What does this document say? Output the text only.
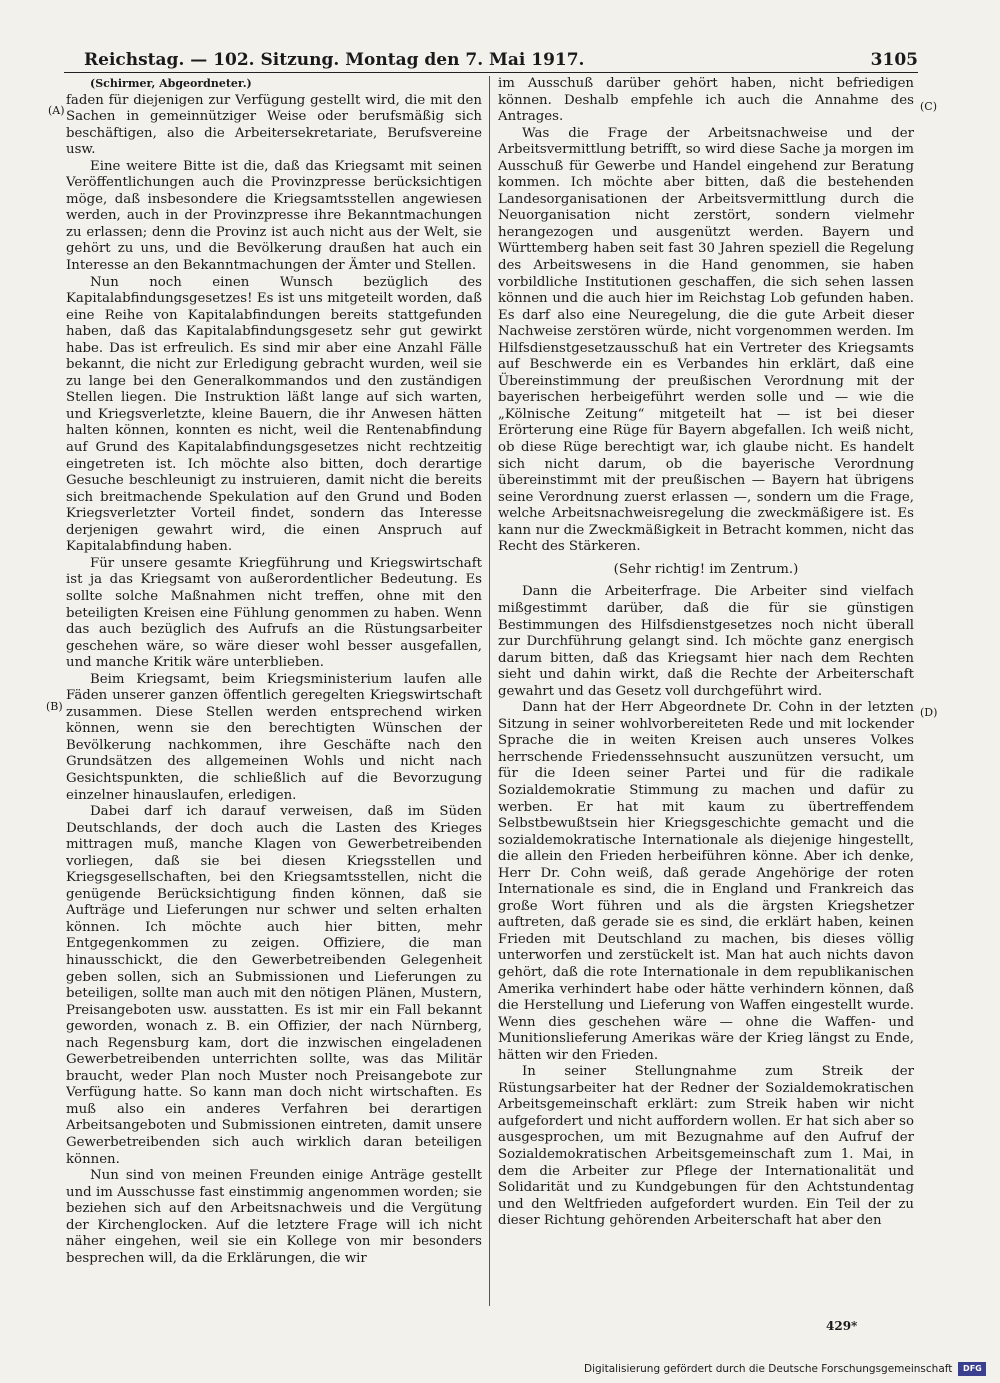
Reichstag. — 102. Sitzung. Montag den 7. Mai 1917.	3105
(A)
(B)
(C)
(D)

(Schirmer, Abgeordneter.)

faden für diejenigen zur Verfügung gestellt wird, die mit den Sachen in gemeinnütziger Weise oder berufsmäßig sich beschäftigen, also die Arbeitersekretariate, Berufsvereine usw.

Eine weitere Bitte ist die, daß das Kriegsamt mit seinen Veröffentlichungen auch die Provinzpresse berücksichtigen möge, daß insbesondere die Kriegsamtsstellen angewiesen werden, auch in der Provinzpresse ihre Bekanntmachungen zu erlassen; denn die Provinz ist auch nicht aus der Welt, sie gehört zu uns, und die Bevölkerung draußen hat auch ein Interesse an den Bekanntmachungen der Ämter und Stellen.

Nun noch einen Wunsch bezüglich des Kapitalabfindungsgesetzes! Es ist uns mitgeteilt worden, daß eine Reihe von Kapitalabfindungen bereits stattgefunden haben, daß das Kapitalabfindungsgesetz sehr gut gewirkt habe. Das ist erfreulich. Es sind mir aber eine Anzahl Fälle bekannt, die nicht zur Erledigung gebracht wurden, weil sie zu lange bei den Generalkommandos und den zuständigen Stellen liegen. Die Instruktion läßt lange auf sich warten, und Kriegsverletzte, kleine Bauern, die ihr Anwesen hätten halten können, konnten es nicht, weil die Rentenabfindung auf Grund des Kapitalabfindungsgesetzes nicht rechtzeitig eingetreten ist. Ich möchte also bitten, doch derartige Gesuche beschleunigt zu instruieren, damit nicht die bereits sich breitmachende Spekulation auf den Grund und Boden Kriegsverletzter Vorteil findet, sondern das Interesse derjenigen gewahrt wird, die einen Anspruch auf Kapitalabfindung haben.

Für unsere gesamte Kriegführung und Kriegswirtschaft ist ja das Kriegsamt von außerordentlicher Bedeutung. Es sollte solche Maßnahmen nicht treffen, ohne mit den beteiligten Kreisen eine Fühlung genommen zu haben. Wenn das auch bezüglich des Aufrufs an die Rüstungsarbeiter geschehen wäre, so wäre dieser wohl besser ausgefallen, und manche Kritik wäre unterblieben.

Beim Kriegsamt, beim Kriegsministerium laufen alle Fäden unserer ganzen öffentlich geregelten Kriegswirtschaft zusammen. Diese Stellen werden entsprechend wirken können, wenn sie den berechtigten Wünschen der Bevölkerung nachkommen, ihre Geschäfte nach den Grundsätzen des allgemeinen Wohls und nicht nach Gesichtspunkten, die schließlich auf die Bevorzugung einzelner hinauslaufen, erledigen.

Dabei darf ich darauf verweisen, daß im Süden Deutschlands, der doch auch die Lasten des Krieges mittragen muß, manche Klagen von Gewerbetreibenden vorliegen, daß sie bei diesen Kriegsstellen und Kriegsgesellschaften, bei den Kriegsamtsstellen, nicht die genügende Berücksichtigung finden können, daß sie Aufträge und Lieferungen nur schwer und selten erhalten können. Ich möchte auch hier bitten, mehr Entgegenkommen zu zeigen. Offiziere, die man hinausschickt, die den Gewerbetreibenden Gelegenheit geben sollen, sich an Submissionen und Lieferungen zu beteiligen, sollte man auch mit den nötigen Plänen, Mustern, Preisangeboten usw. ausstatten. Es ist mir ein Fall bekannt geworden, wonach z. B. ein Offizier, der nach Nürnberg, nach Regensburg kam, dort die inzwischen eingeladenen Gewerbetreibenden unterrichten sollte, was das Militär braucht, weder Plan noch Muster noch Preisangebote zur Verfügung hatte. So kann man doch nicht wirtschaften. Es muß also ein anderes Verfahren bei derartigen Arbeitsangeboten und Submissionen eintreten, damit unsere Gewerbetreibenden sich auch wirklich daran beteiligen können.

Nun sind von meinen Freunden einige Anträge gestellt und im Ausschusse fast einstimmig angenommen worden; sie beziehen sich auf den Arbeitsnachweis und die Vergütung der Kirchenglocken. Auf die letztere Frage will ich nicht näher eingehen, weil sie ein Kollege von mir besonders besprechen will, da die Erklärungen, die wir

im Ausschuß darüber gehört haben, nicht befriedigen können. Deshalb empfehle ich auch die Annahme des Antrages.

Was die Frage der Arbeitsnachweise und der Arbeitsvermittlung betrifft, so wird diese Sache ja morgen im Ausschuß für Gewerbe und Handel eingehend zur Beratung kommen. Ich möchte aber bitten, daß die bestehenden Landesorganisationen der Arbeitsvermittlung durch die Neuorganisation nicht zerstört, sondern vielmehr herangezogen und ausgenützt werden. Bayern und Württemberg haben seit fast 30 Jahren speziell die Regelung des Arbeitswesens in die Hand genommen, sie haben vorbildliche Institutionen geschaffen, die sich sehen lassen können und die auch hier im Reichstag Lob gefunden haben. Es darf also eine Neuregelung, die die gute Arbeit dieser Nachweise zerstören würde, nicht vorgenommen werden. Im Hilfsdienstgesetzausschuß hat ein Vertreter des Kriegsamts auf Beschwerde ein es Verbandes hin erklärt, daß eine Übereinstimmung der preußischen Verordnung mit der bayerischen herbeigeführt werden solle und — wie die „Kölnische Zeitung“ mitgeteilt hat — ist bei dieser Erörterung eine Rüge für Bayern abgefallen. Ich weiß nicht, ob diese Rüge berechtigt war, ich glaube nicht. Es handelt sich nicht darum, ob die bayerische Verordnung übereinstimmt mit der preußischen — Bayern hat übrigens seine Verordnung zuerst erlassen —, sondern um die Frage, welche Arbeitsnachweisregelung die zweckmäßigere ist. Es kann nur die Zweckmäßigkeit in Betracht kommen, nicht das Recht des Stärkeren.

(Sehr richtig! im Zentrum.)

Dann die Arbeiterfrage. Die Arbeiter sind vielfach mißgestimmt darüber, daß die für sie günstigen Bestimmungen des Hilfsdienstgesetzes noch nicht überall zur Durchführung gelangt sind. Ich möchte ganz energisch darum bitten, daß das Kriegsamt hier nach dem Rechten sieht und dahin wirkt, daß die Rechte der Arbeiterschaft gewahrt und das Gesetz voll durchgeführt wird.

Dann hat der Herr Abgeordnete Dr. Cohn in der letzten Sitzung in seiner wohlvorbereiteten Rede und mit lockender Sprache die in weiten Kreisen auch unseres Volkes herrschende Friedenssehnsucht auszunützen versucht, um für die Ideen seiner Partei und für die radikale Sozialdemokratie Stimmung zu machen und dafür zu werben. Er hat mit kaum zu übertreffendem Selbstbewußtsein hier Kriegsgeschichte gemacht und die sozialdemokratische Internationale als diejenige hingestellt, die allein den Frieden herbeiführen könne. Aber ich denke, Herr Dr. Cohn weiß, daß gerade Angehörige der roten Internationale es sind, die in England und Frankreich das große Wort führen und als die ärgsten Kriegshetzer auftreten, daß gerade sie es sind, die erklärt haben, keinen Frieden mit Deutschland zu machen, bis dieses völlig unterworfen und zerstückelt ist. Man hat auch nichts davon gehört, daß die rote Internationale in dem republikanischen Amerika verhindert habe oder hätte verhindern können, daß die Herstellung und Lieferung von Waffen eingestellt wurde. Wenn dies geschehen wäre — ohne die Waffen- und Munitionslieferung Amerikas wäre der Krieg längst zu Ende, hätten wir den Frieden.

In seiner Stellungnahme zum Streik der Rüstungsarbeiter hat der Redner der Sozialdemokratischen Arbeitsgemeinschaft erklärt: zum Streik haben wir nicht aufgefordert und nicht auffordern wollen. Er hat sich aber so ausgesprochen, um mit Bezugnahme auf den Aufruf der Sozialdemokratischen Arbeitsgemeinschaft zum 1. Mai, in dem die Arbeiter zur Pflege der Internationalität und Solidarität und zu Kundgebungen für den Achtstundentag und den Weltfrieden aufgefordert wurden. Ein Teil der zu dieser Richtung gehörenden Arbeiterschaft hat aber den

429*
Digitalisierung gefördert durch die Deutsche Forschungsgemeinschaft	DFG
